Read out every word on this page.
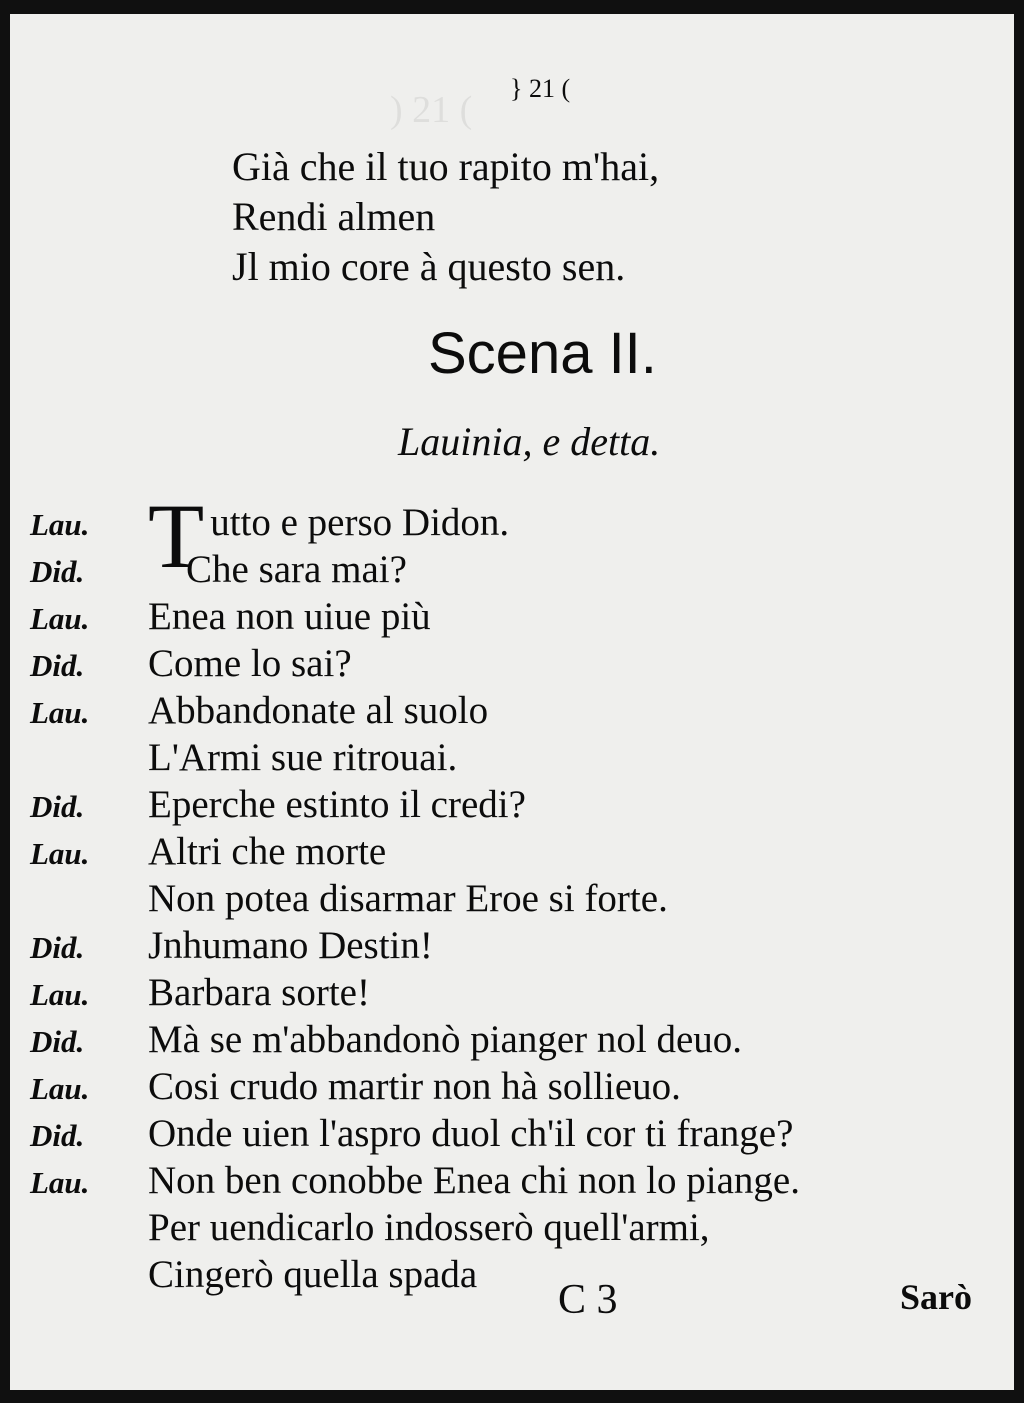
) 21 (
} 21 (
Già che il tuo rapito m'hai,
Rendi almen
Jl mio core à questo sen.
Scena II.
Lauinia, e detta.
Lau. Tutto e perso Didon.
Did.	Che sara mai?
Lau.	Enea non uiue più
Did.	Come lo sai?
Lau.	Abbandonate al suolo
L'Armi sue ritrouai.
Did.	Eperche estinto il credi?
Lau.	Altri che morte
Non potea disarmar Eroe si forte.
Did.	Jnhumano Destin!
Lau.	Barbara sorte!
Did.	Mà se m'abbandonò pianger nol deuo.
Lau.	Cosi crudo martir non hà sollieuo.
Did.	Onde uien l'aspro duol ch'il cor ti frange?
Lau.	Non ben conobbe Enea chi non lo piange.
Per uendicarlo indosserò quell'armi,
Cingerò quella spada
C 3	Sarò
